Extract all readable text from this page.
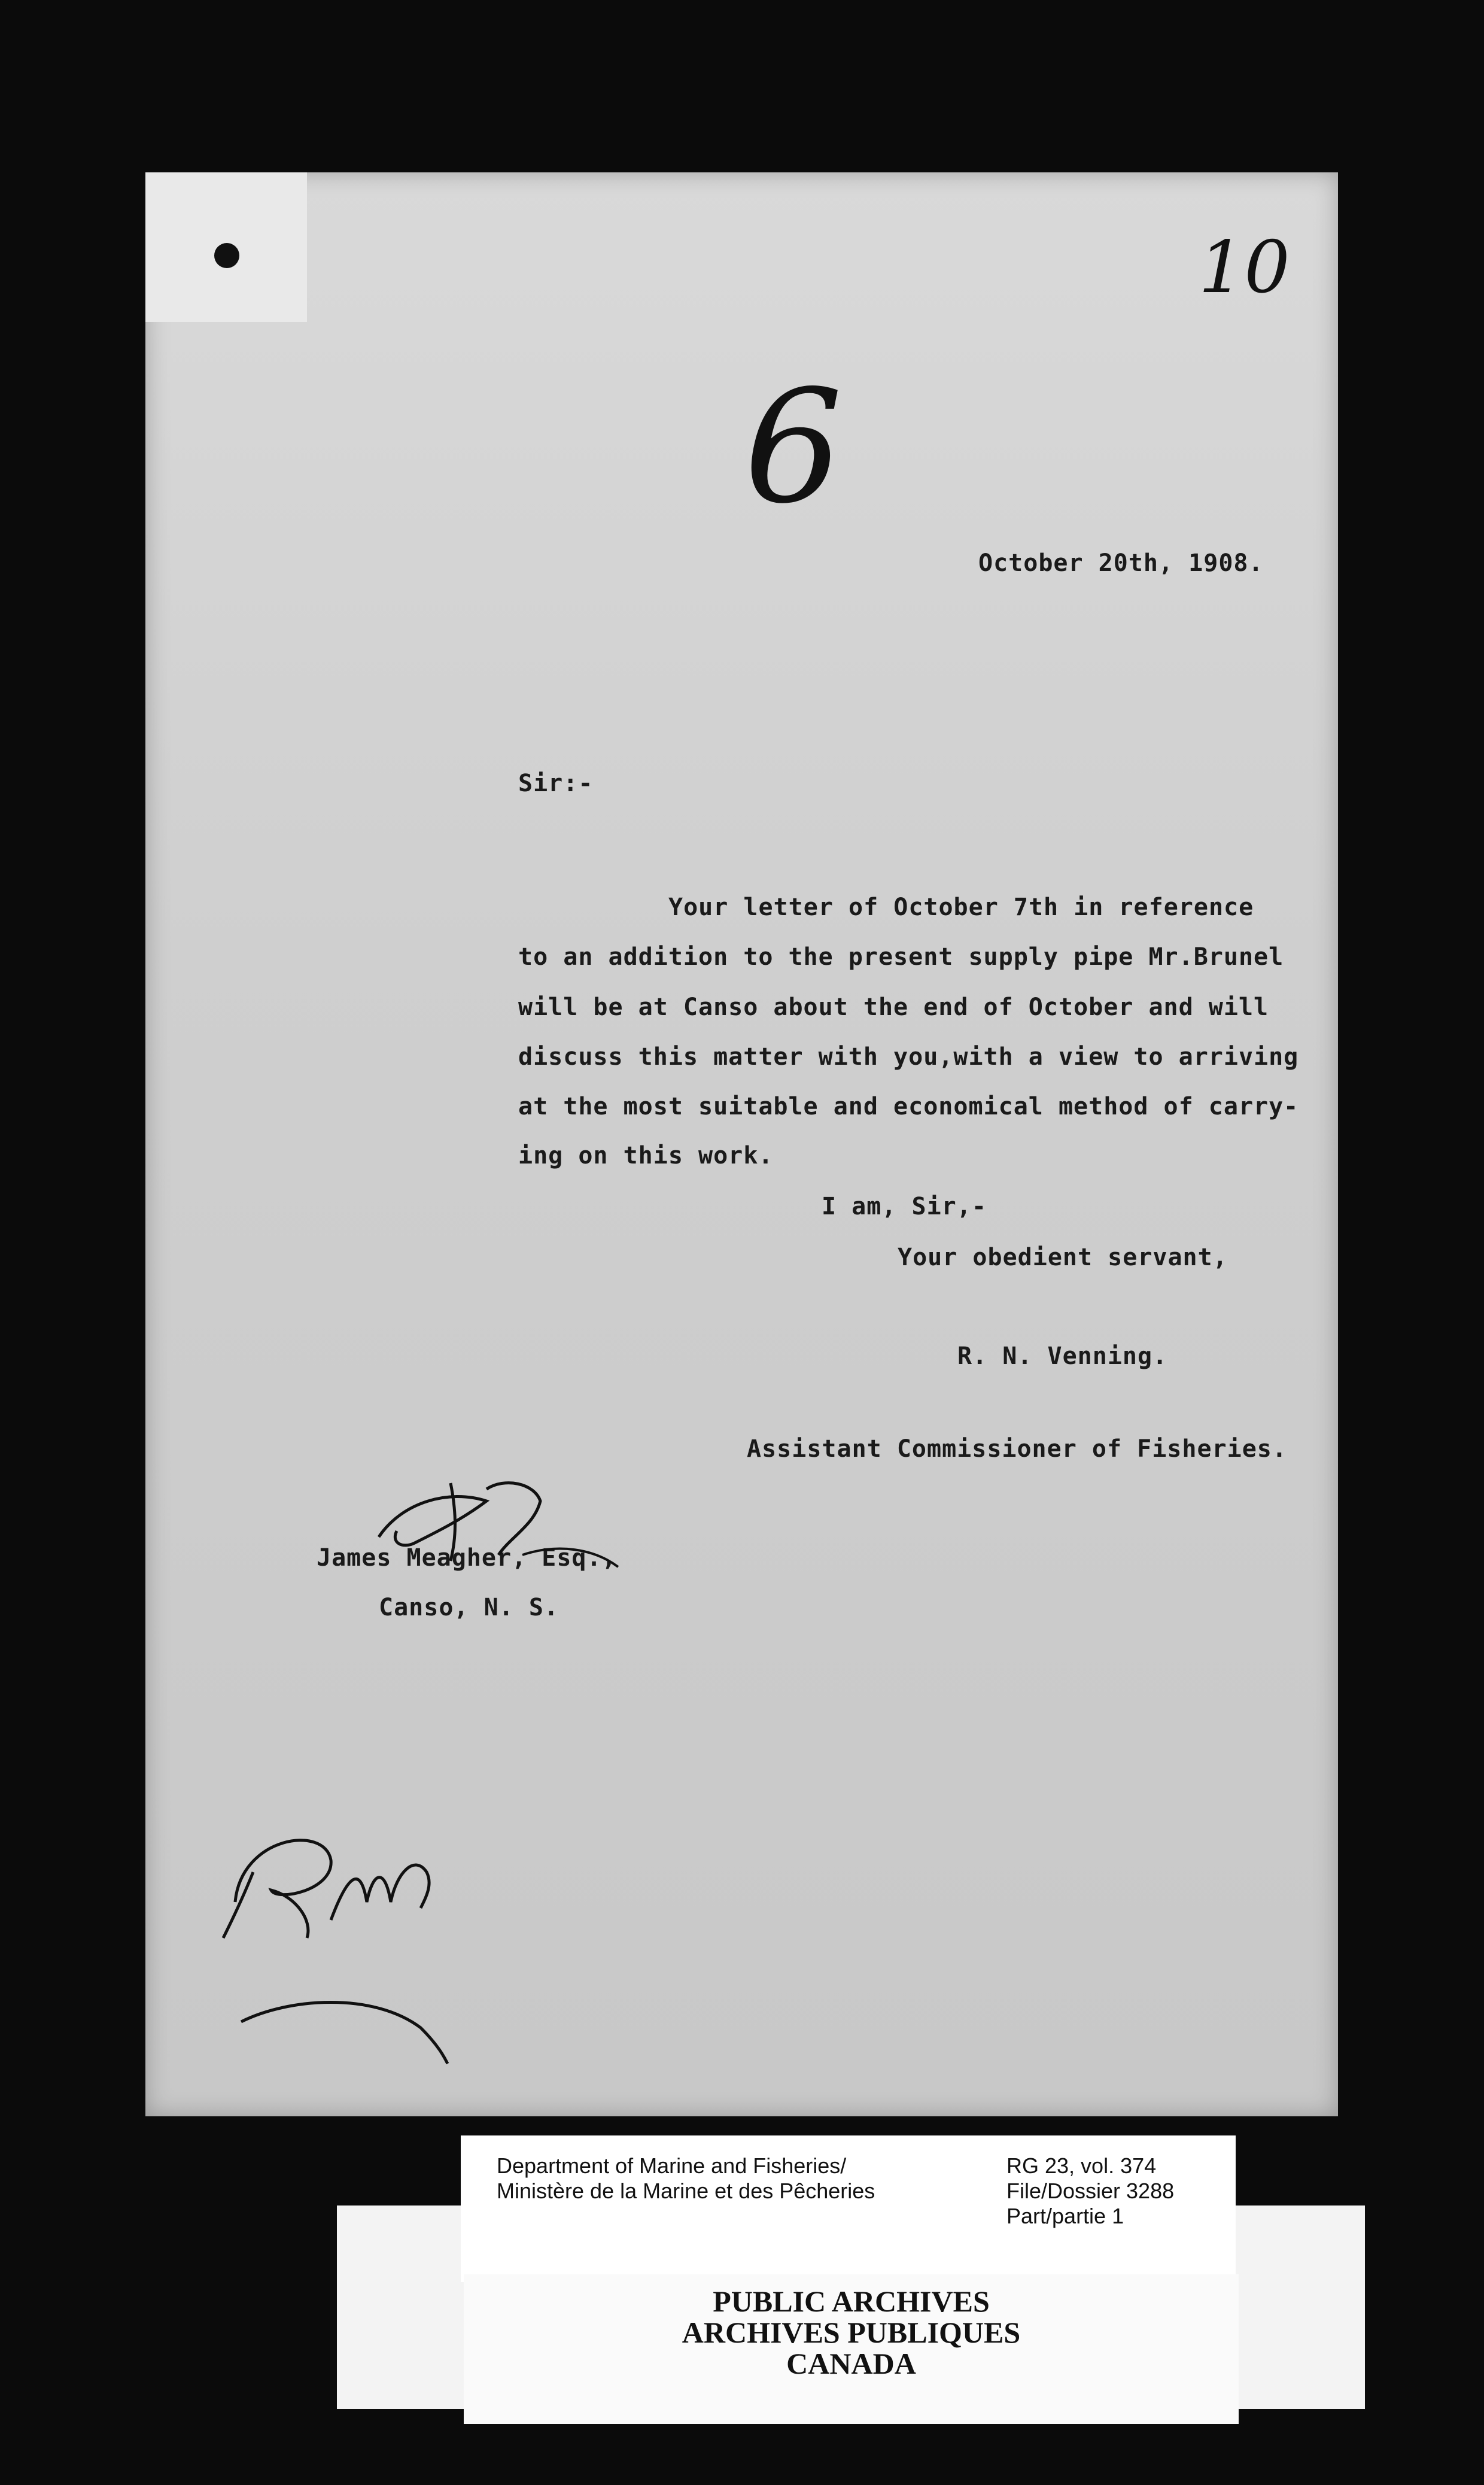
10
6
October 20th, 1908.
Sir:-
Your letter of October 7th in reference
to an addition to the present supply pipe Mr.Brunel
will be at Canso about the end of October and will
discuss this matter with you,with a view to arriving
at the most suitable and economical method of carry-
ing on this work.
I am, Sir,-
Your obedient servant,
R. N. Venning.
Assistant Commissioner of Fisheries.
James Meagher, Esq.,
Canso, N. S.
Department of Marine and Fisheries/
Ministère de la Marine et des Pêcheries
RG 23, vol. 374
File/Dossier 3288
Part/partie 1
PUBLIC ARCHIVES
ARCHIVES PUBLIQUES
CANADA
